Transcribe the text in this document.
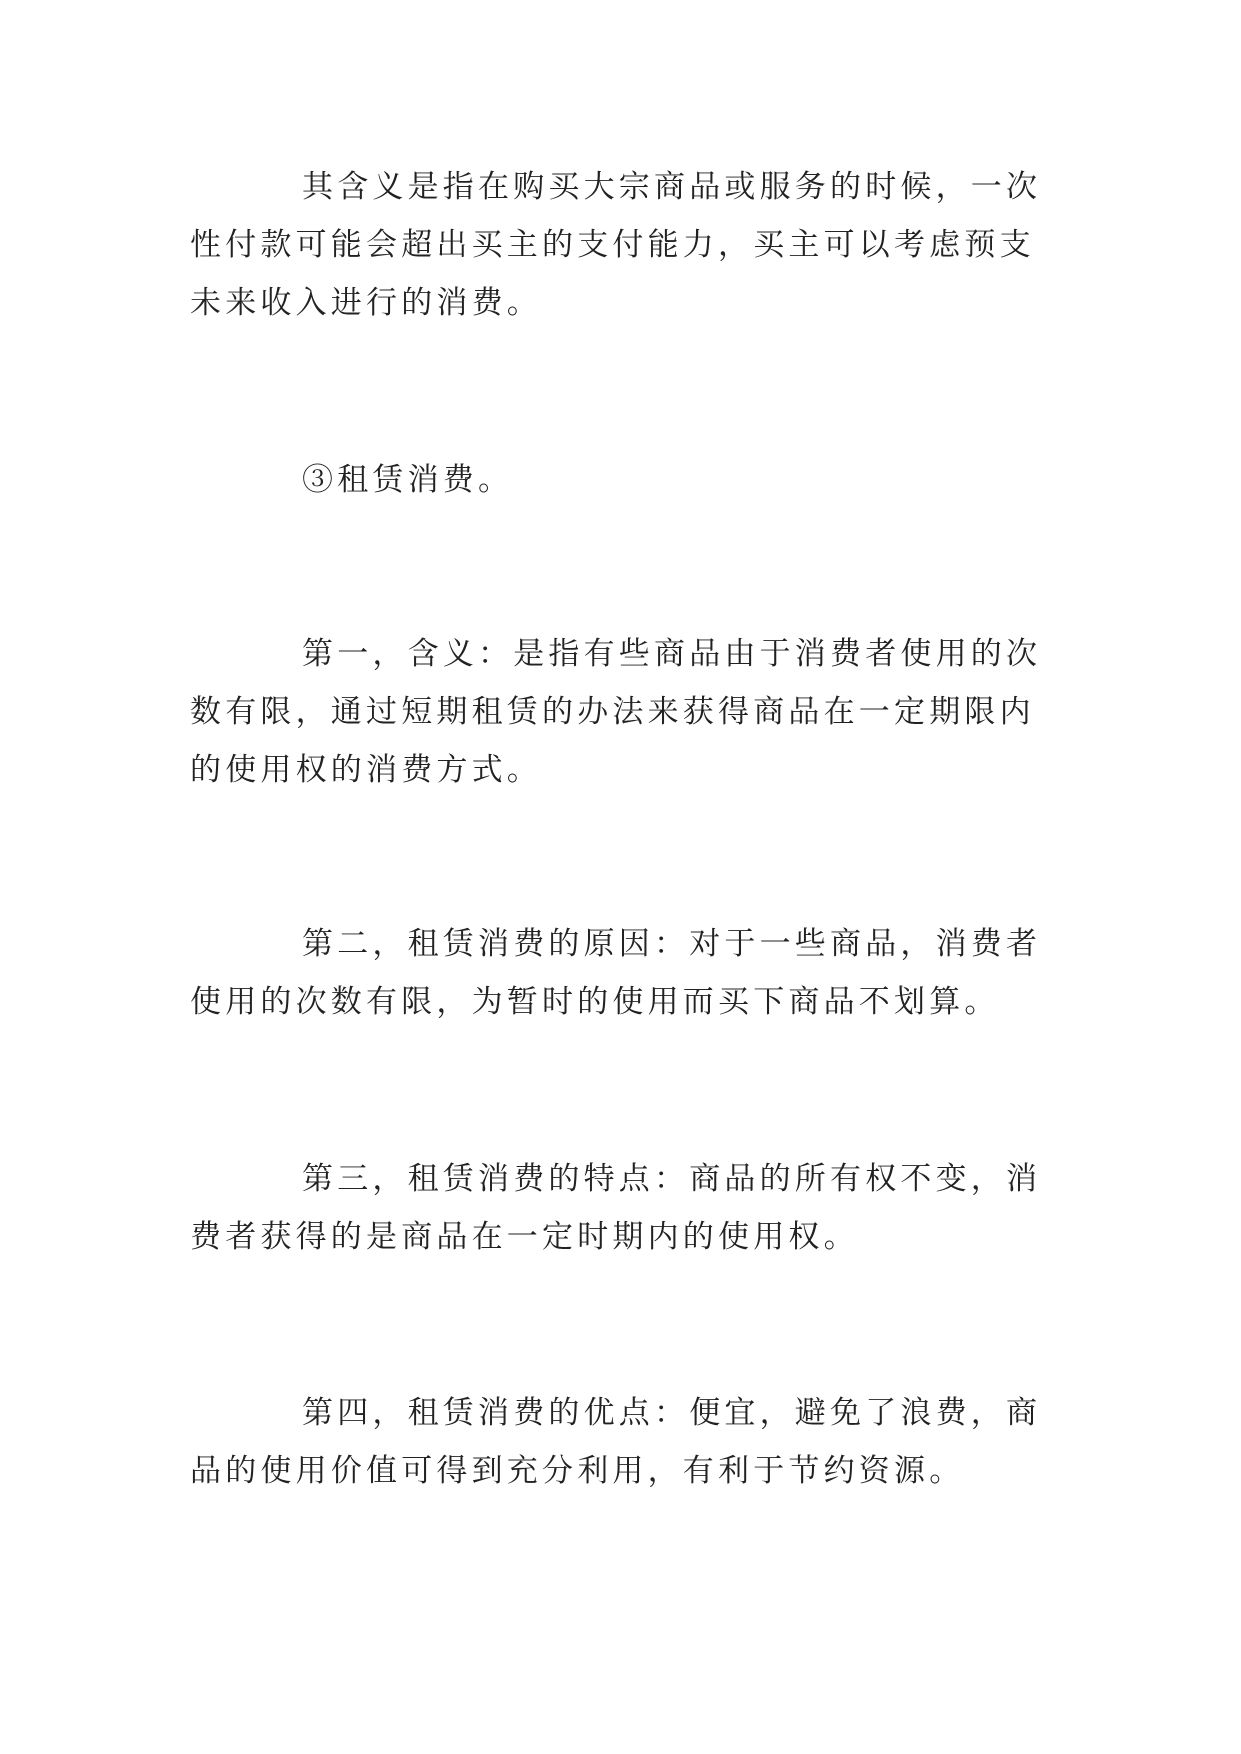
其含义是指在购买大宗商品或服务的时候，一次性付款可能会超出买主的支付能力，买主可以考虑预支未来收入进行的消费。

③租赁消费。

第一，含义：是指有些商品由于消费者使用的次数有限，通过短期租赁的办法来获得商品在一定期限内的使用权的消费方式。

第二，租赁消费的原因：对于一些商品，消费者使用的次数有限，为暂时的使用而买下商品不划算。

第三，租赁消费的特点：商品的所有权不变，消费者获得的是商品在一定时期内的使用权。

第四，租赁消费的优点：便宜，避免了浪费，商品的使用价值可得到充分利用，有利于节约资源。
